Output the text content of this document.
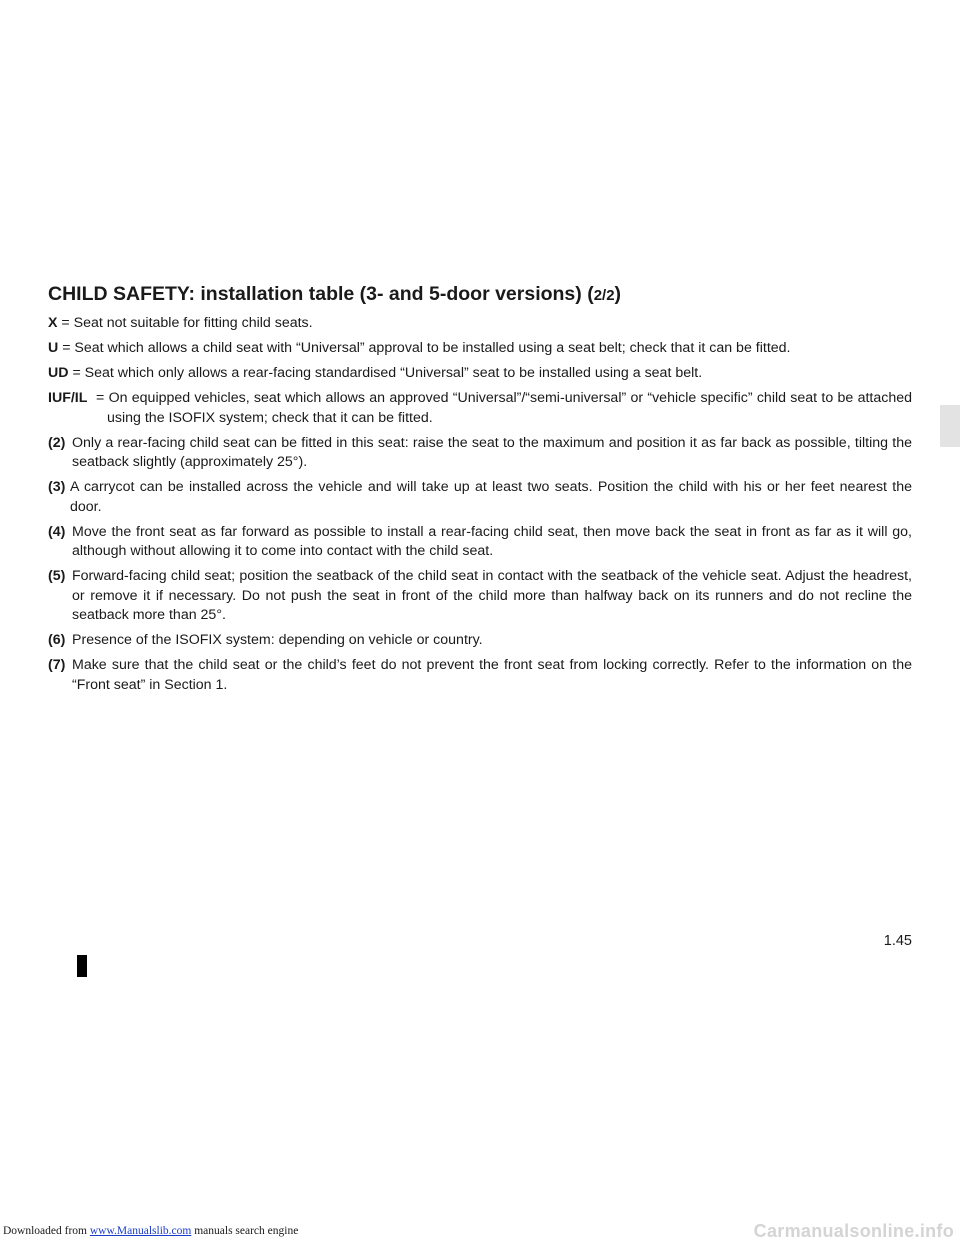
CHILD SAFETY: installation table (3- and 5-door versions) (2/2)

X = Seat not suitable for fitting child seats.

U = Seat which allows a child seat with “Universal” approval to be installed using a seat belt; check that it can be fitted.

UD = Seat which only allows a rear-facing standardised “Universal” seat to be installed using a seat belt.

IUF/IL = On equipped vehicles, seat which allows an approved “Universal”/“semi-universal” or “vehicle specific” child seat to be attached using the ISOFIX system; check that it can be fitted.

(2) Only a rear-facing child seat can be fitted in this seat: raise the seat to the maximum and position it as far back as possible, tilting the seatback slightly (approximately 25°).

(3) A carrycot can be installed across the vehicle and will take up at least two seats. Position the child with his or her feet nearest the door.

(4) Move the front seat as far forward as possible to install a rear-facing child seat, then move back the seat in front as far as it will go, although without allowing it to come into contact with the child seat.

(5) Forward-facing child seat; position the seatback of the child seat in contact with the seatback of the vehicle seat. Adjust the headrest, or remove it if necessary. Do not push the seat in front of the child more than halfway back on its runners and do not recline the seatback more than 25°.

(6) Presence of the ISOFIX system: depending on vehicle or country.

(7) Make sure that the child seat or the child’s feet do not prevent the front seat from locking correctly. Refer to the information on the “Front seat” in Section 1.

1.45
Downloaded from www.Manualslib.com manuals search engine	Carmanualsonline.info
